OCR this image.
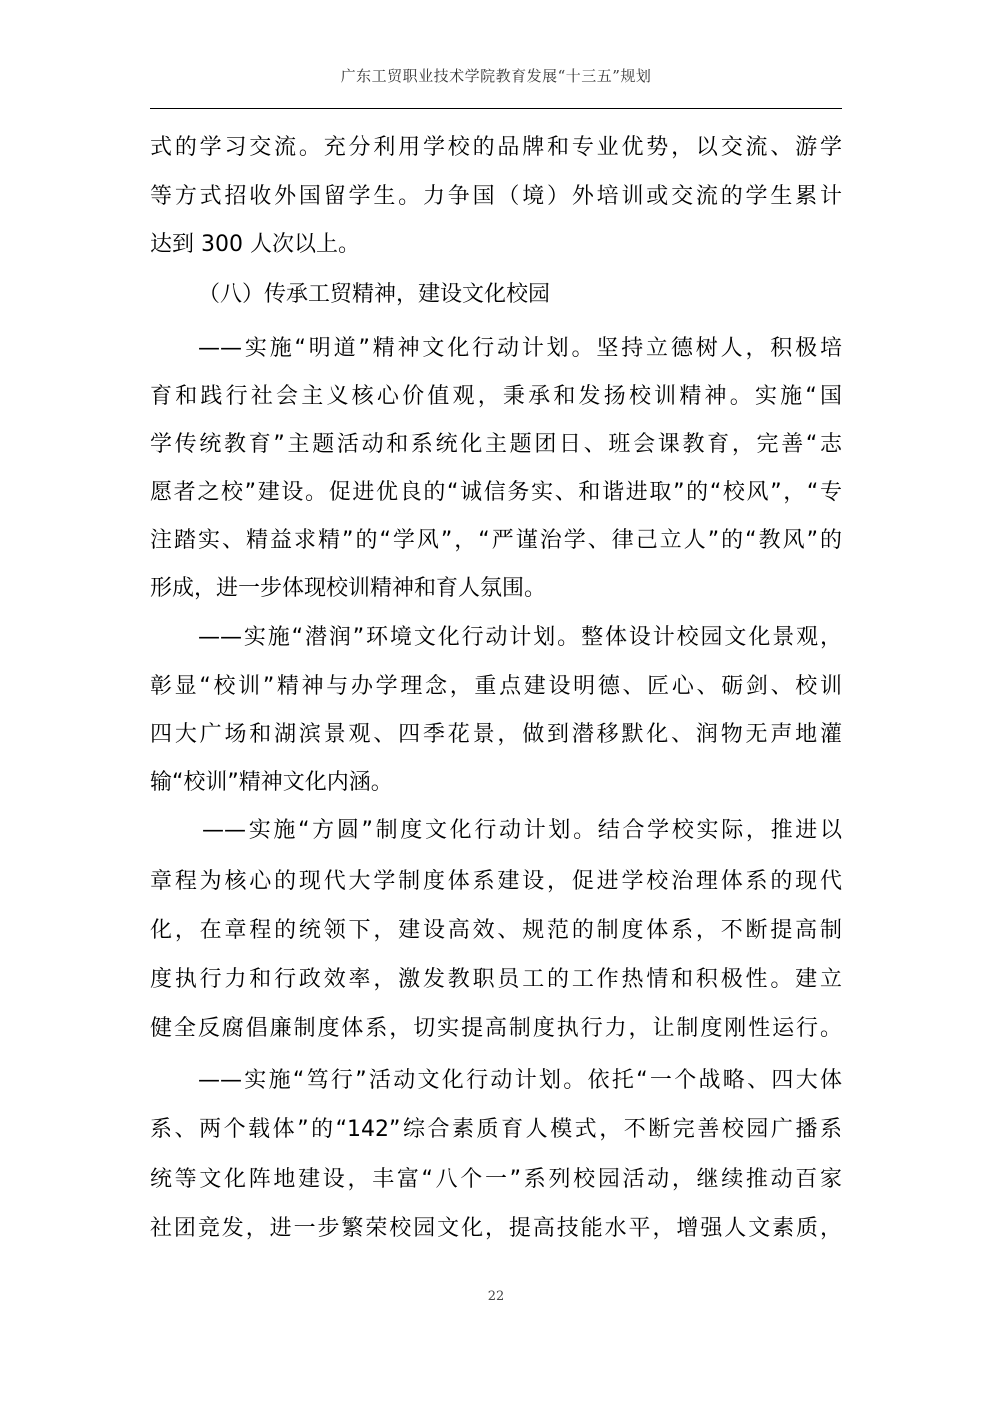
广东工贸职业技术学院教育发展“十三五”规划
式的学习交流。充分利用学校的品牌和专业优势，以交流、游学
等方式招收外国留学生。力争国（境）外培训或交流的学生累计
达到 300 人次以上。
（八）传承工贸精神，建设文化校园
——实施“明道”精神文化行动计划。坚持立德树人，积极培
育和践行社会主义核心价值观，秉承和发扬校训精神。实施“国
学传统教育”主题活动和系统化主题团日、班会课教育，完善“志
愿者之校”建设。促进优良的“诚信务实、和谐进取”的“校风”，“专
注踏实、精益求精”的“学风”，“严谨治学、律己立人”的“教风”的
形成，进一步体现校训精神和育人氛围。
——实施“潜润”环境文化行动计划。整体设计校园文化景观，
彰显“校训”精神与办学理念，重点建设明德、匠心、砺剑、校训
四大广场和湖滨景观、四季花景，做到潜移默化、润物无声地灌
输“校训”精神文化内涵。
——实施“方圆”制度文化行动计划。结合学校实际，推进以
章程为核心的现代大学制度体系建设，促进学校治理体系的现代
化，在章程的统领下，建设高效、规范的制度体系，不断提高制
度执行力和行政效率，激发教职员工的工作热情和积极性。建立
健全反腐倡廉制度体系，切实提高制度执行力，让制度刚性运行。
——实施“笃行”活动文化行动计划。依托“一个战略、四大体
系、两个载体”的“142”综合素质育人模式，不断完善校园广播系
统等文化阵地建设，丰富“八个一”系列校园活动，继续推动百家
社团竞发，进一步繁荣校园文化，提高技能水平，增强人文素质，
22
